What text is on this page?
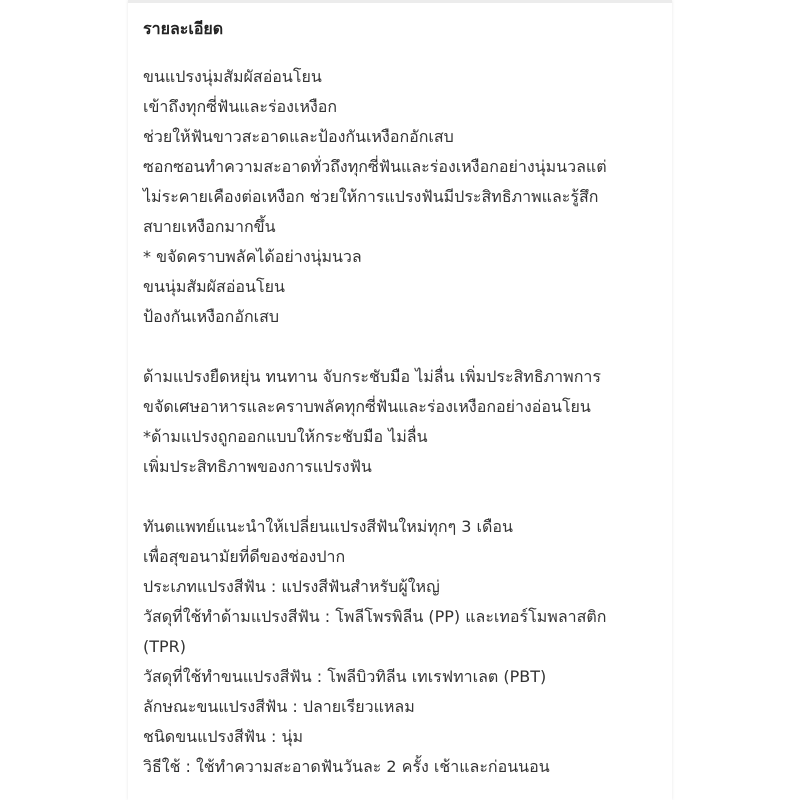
รายละเอียด
ขนแปรงนุ่มสัมผัสอ่อนโยน
เข้าถึงทุกซี่ฟันและร่องเหงือก
ช่วยให้ฟันขาวสะอาดและป้องกันเหงือกอักเสบ
ซอกซอนทำความสะอาดทั่วถึงทุกซี่ฟันและร่องเหงือกอย่างนุ่มนวลแต่
ไม่ระคายเคืองต่อเหงือก ช่วยให้การแปรงฟันมีประสิทธิภาพและรู้สึก
สบายเหงือกมากขึ้น
* ขจัดคราบพลัคได้อย่างนุ่มนวล
ขนนุ่มสัมผัสอ่อนโยน
ป้องกันเหงือกอักเสบ
ด้ามแปรงยืดหยุ่น ทนทาน จับกระชับมือ ไม่ลื่น เพิ่มประสิทธิภาพการ
ขจัดเศษอาหารและคราบพลัคทุกซี่ฟันและร่องเหงือกอย่างอ่อนโยน
*ด้ามแปรงถูกออกแบบให้กระชับมือ ไม่ลื่น
เพิ่มประสิทธิภาพของการแปรงฟัน
ทันตแพทย์แนะนำให้เปลี่ยนแปรงสีฟันใหม่ทุกๆ 3 เดือน
เพื่อสุขอนามัยที่ดีของช่องปาก
ประเภทแปรงสีฟัน : แปรงสีฟันสำหรับผู้ใหญ่
วัสดุที่ใช้ทำด้ามแปรงสีฟัน : โพลีโพรพิลีน (PP) และเทอร์โมพลาสติก
(TPR)
วัสดุที่ใช้ทำขนแปรงสีฟัน : โพลีบิวทิลีน เทเรฟทาเลต (PBT)
ลักษณะขนแปรงสีฟัน : ปลายเรียวแหลม
ชนิดขนแปรงสีฟัน : นุ่ม
วิธีใช้ : ใช้ทำความสะอาดฟันวันละ 2 ครั้ง เช้าและก่อนนอน
